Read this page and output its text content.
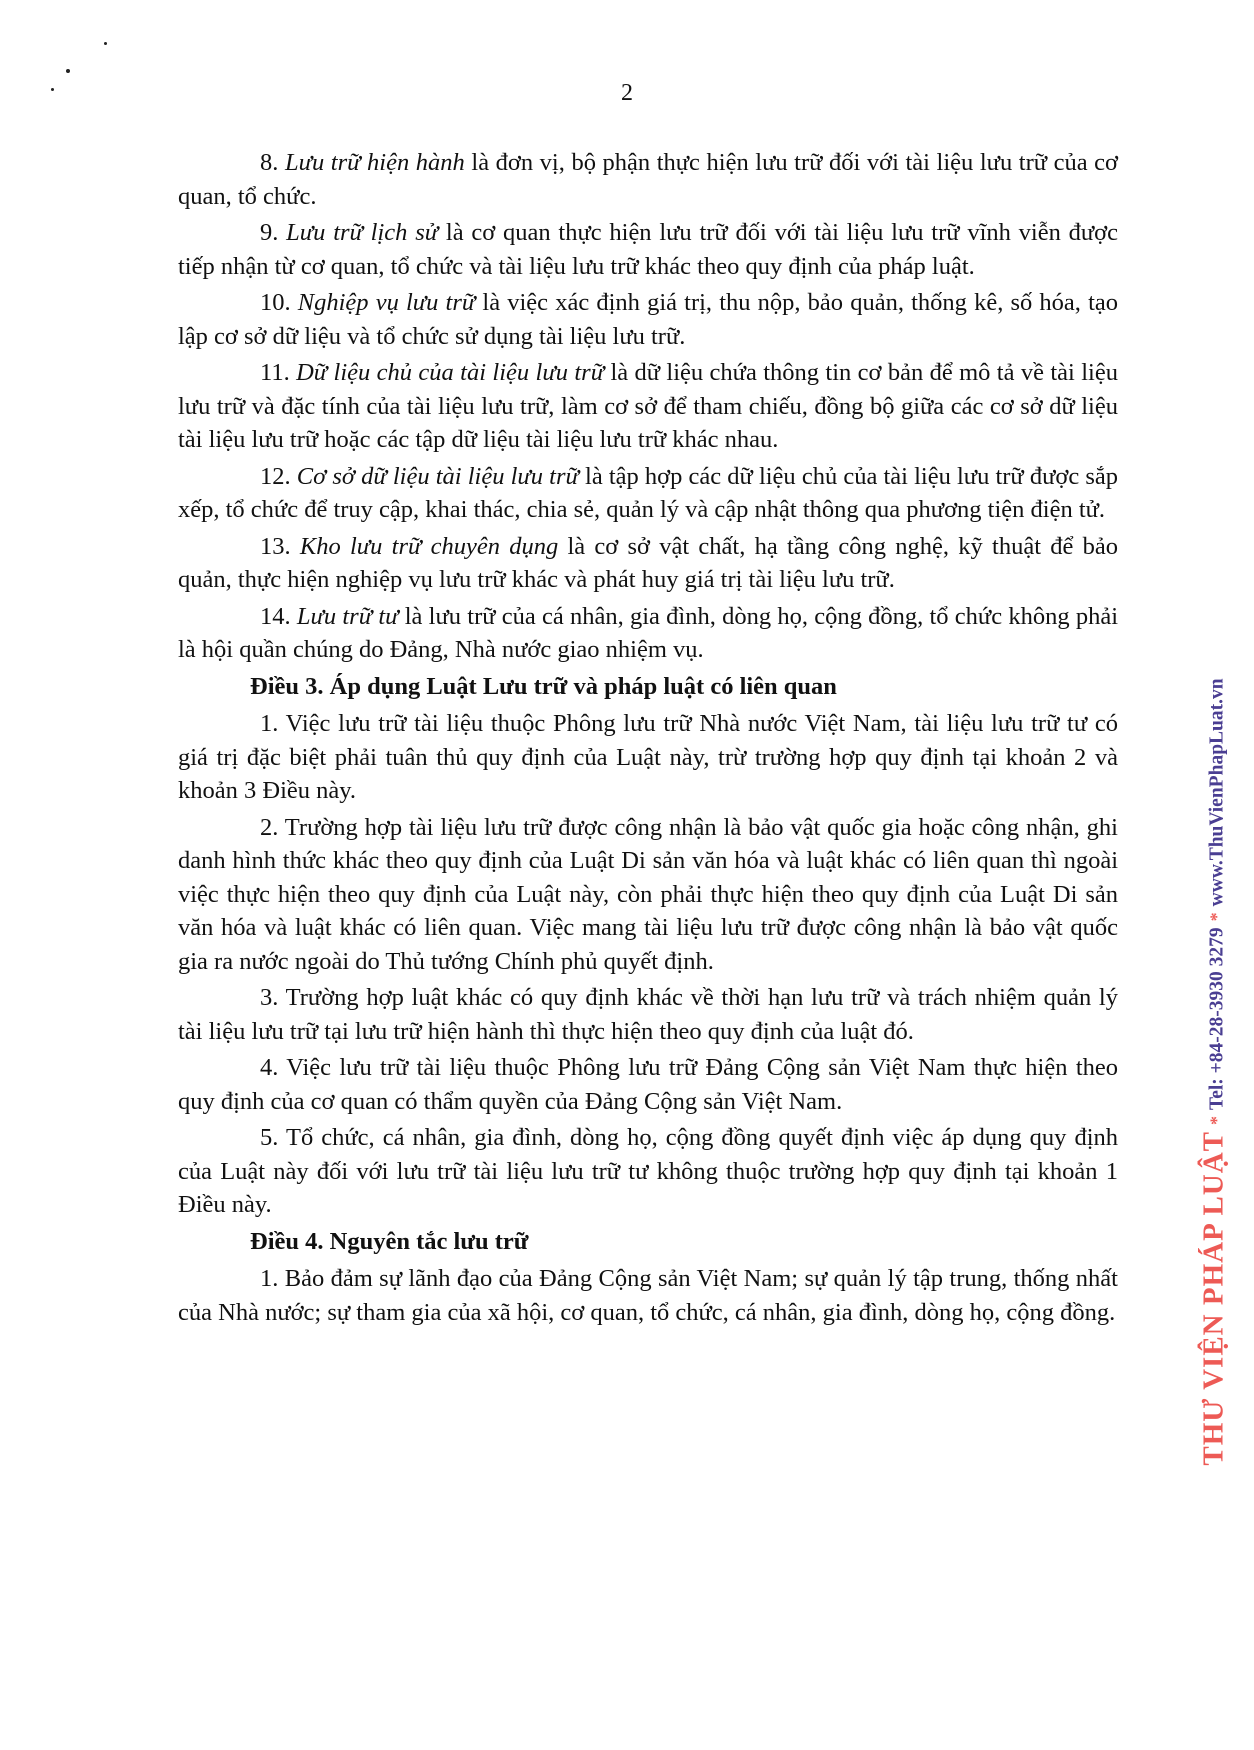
2

8. Lưu trữ hiện hành là đơn vị, bộ phận thực hiện lưu trữ đối với tài liệu lưu trữ của cơ quan, tổ chức.

9. Lưu trữ lịch sử là cơ quan thực hiện lưu trữ đối với tài liệu lưu trữ vĩnh viễn được tiếp nhận từ cơ quan, tổ chức và tài liệu lưu trữ khác theo quy định của pháp luật.

10. Nghiệp vụ lưu trữ là việc xác định giá trị, thu nộp, bảo quản, thống kê, số hóa, tạo lập cơ sở dữ liệu và tổ chức sử dụng tài liệu lưu trữ.

11. Dữ liệu chủ của tài liệu lưu trữ là dữ liệu chứa thông tin cơ bản để mô tả về tài liệu lưu trữ và đặc tính của tài liệu lưu trữ, làm cơ sở để tham chiếu, đồng bộ giữa các cơ sở dữ liệu tài liệu lưu trữ hoặc các tập dữ liệu tài liệu lưu trữ khác nhau.

12. Cơ sở dữ liệu tài liệu lưu trữ là tập hợp các dữ liệu chủ của tài liệu lưu trữ được sắp xếp, tổ chức để truy cập, khai thác, chia sẻ, quản lý và cập nhật thông qua phương tiện điện tử.

13. Kho lưu trữ chuyên dụng là cơ sở vật chất, hạ tầng công nghệ, kỹ thuật để bảo quản, thực hiện nghiệp vụ lưu trữ khác và phát huy giá trị tài liệu lưu trữ.

14. Lưu trữ tư là lưu trữ của cá nhân, gia đình, dòng họ, cộng đồng, tổ chức không phải là hội quần chúng do Đảng, Nhà nước giao nhiệm vụ.

Điều 3. Áp dụng Luật Lưu trữ và pháp luật có liên quan

1. Việc lưu trữ tài liệu thuộc Phông lưu trữ Nhà nước Việt Nam, tài liệu lưu trữ tư có giá trị đặc biệt phải tuân thủ quy định của Luật này, trừ trường hợp quy định tại khoản 2 và khoản 3 Điều này.

2. Trường hợp tài liệu lưu trữ được công nhận là bảo vật quốc gia hoặc công nhận, ghi danh hình thức khác theo quy định của Luật Di sản văn hóa và luật khác có liên quan thì ngoài việc thực hiện theo quy định của Luật này, còn phải thực hiện theo quy định của Luật Di sản văn hóa và luật khác có liên quan. Việc mang tài liệu lưu trữ được công nhận là bảo vật quốc gia ra nước ngoài do Thủ tướng Chính phủ quyết định.

3. Trường hợp luật khác có quy định khác về thời hạn lưu trữ và trách nhiệm quản lý tài liệu lưu trữ tại lưu trữ hiện hành thì thực hiện theo quy định của luật đó.

4. Việc lưu trữ tài liệu thuộc Phông lưu trữ Đảng Cộng sản Việt Nam thực hiện theo quy định của cơ quan có thẩm quyền của Đảng Cộng sản Việt Nam.

5. Tổ chức, cá nhân, gia đình, dòng họ, cộng đồng quyết định việc áp dụng quy định của Luật này đối với lưu trữ tài liệu lưu trữ tư không thuộc trường hợp quy định tại khoản 1 Điều này.

Điều 4. Nguyên tắc lưu trữ

1. Bảo đảm sự lãnh đạo của Đảng Cộng sản Việt Nam; sự quản lý tập trung, thống nhất của Nhà nước; sự tham gia của xã hội, cơ quan, tổ chức, cá nhân, gia đình, dòng họ, cộng đồng.	THƯ VIỆN PHÁP LUẬT*Tel: +84-28-3930 3279*www.ThuVienPhapLuat.vn
